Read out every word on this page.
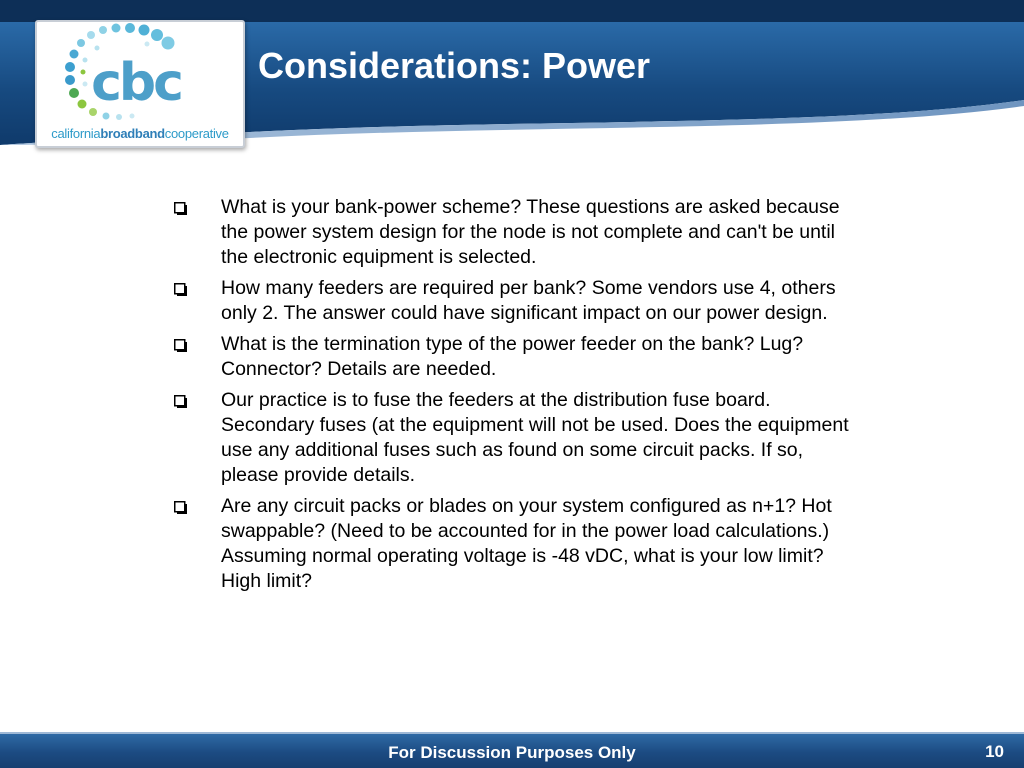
cbc
californiabroadbandcooperative
Considerations: Power
What is your bank-power scheme? These questions are asked because the power system design for the node is not complete and can't be until the electronic equipment is selected.
How many feeders are required per bank? Some vendors use 4, others only 2. The answer could have significant impact on our power design.
What is the termination type of the power feeder on the bank? Lug? Connector? Details are needed.
Our practice is to fuse the feeders at the distribution fuse board. Secondary fuses (at the equipment will not be used. Does the equipment use any additional fuses such as found on some circuit packs. If so, please provide details.
Are any circuit packs or blades on your system configured as n+1? Hot swappable? (Need to be accounted for in the power load calculations.) Assuming normal operating voltage is -48 vDC, what is your low limit? High limit?
For Discussion Purposes Only	10
